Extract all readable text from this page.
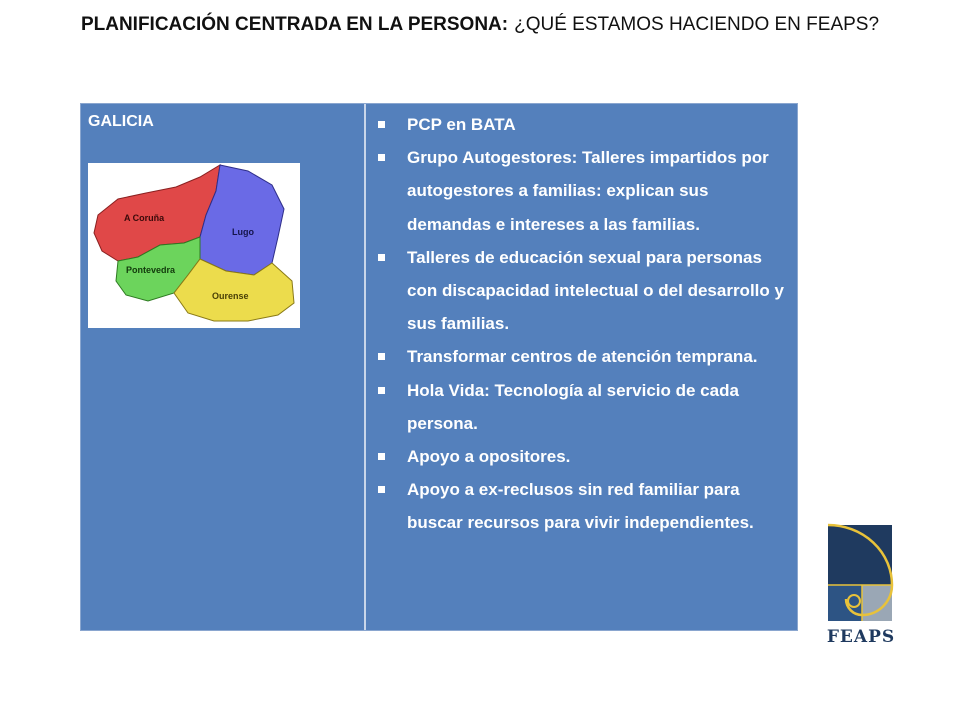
PLANIFICACIÓN CENTRADA EN LA PERSONA: ¿QUÉ ESTAMOS HACIENDO EN FEAPS?
GALICIA
A Coruña
Lugo
Pontevedra
Ourense
PCP en BATA
Grupo Autogestores: Talleres impartidos por autogestores a familias: explican sus demandas e intereses a las familias.
Talleres de educación sexual para personas con discapacidad intelectual o del desarrollo y sus familias.
Transformar centros de atención temprana.
Hola Vida: Tecnología al servicio de cada persona.
Apoyo a opositores.
Apoyo a ex-reclusos sin red familiar para buscar recursos para vivir independientes.
FEAPS
